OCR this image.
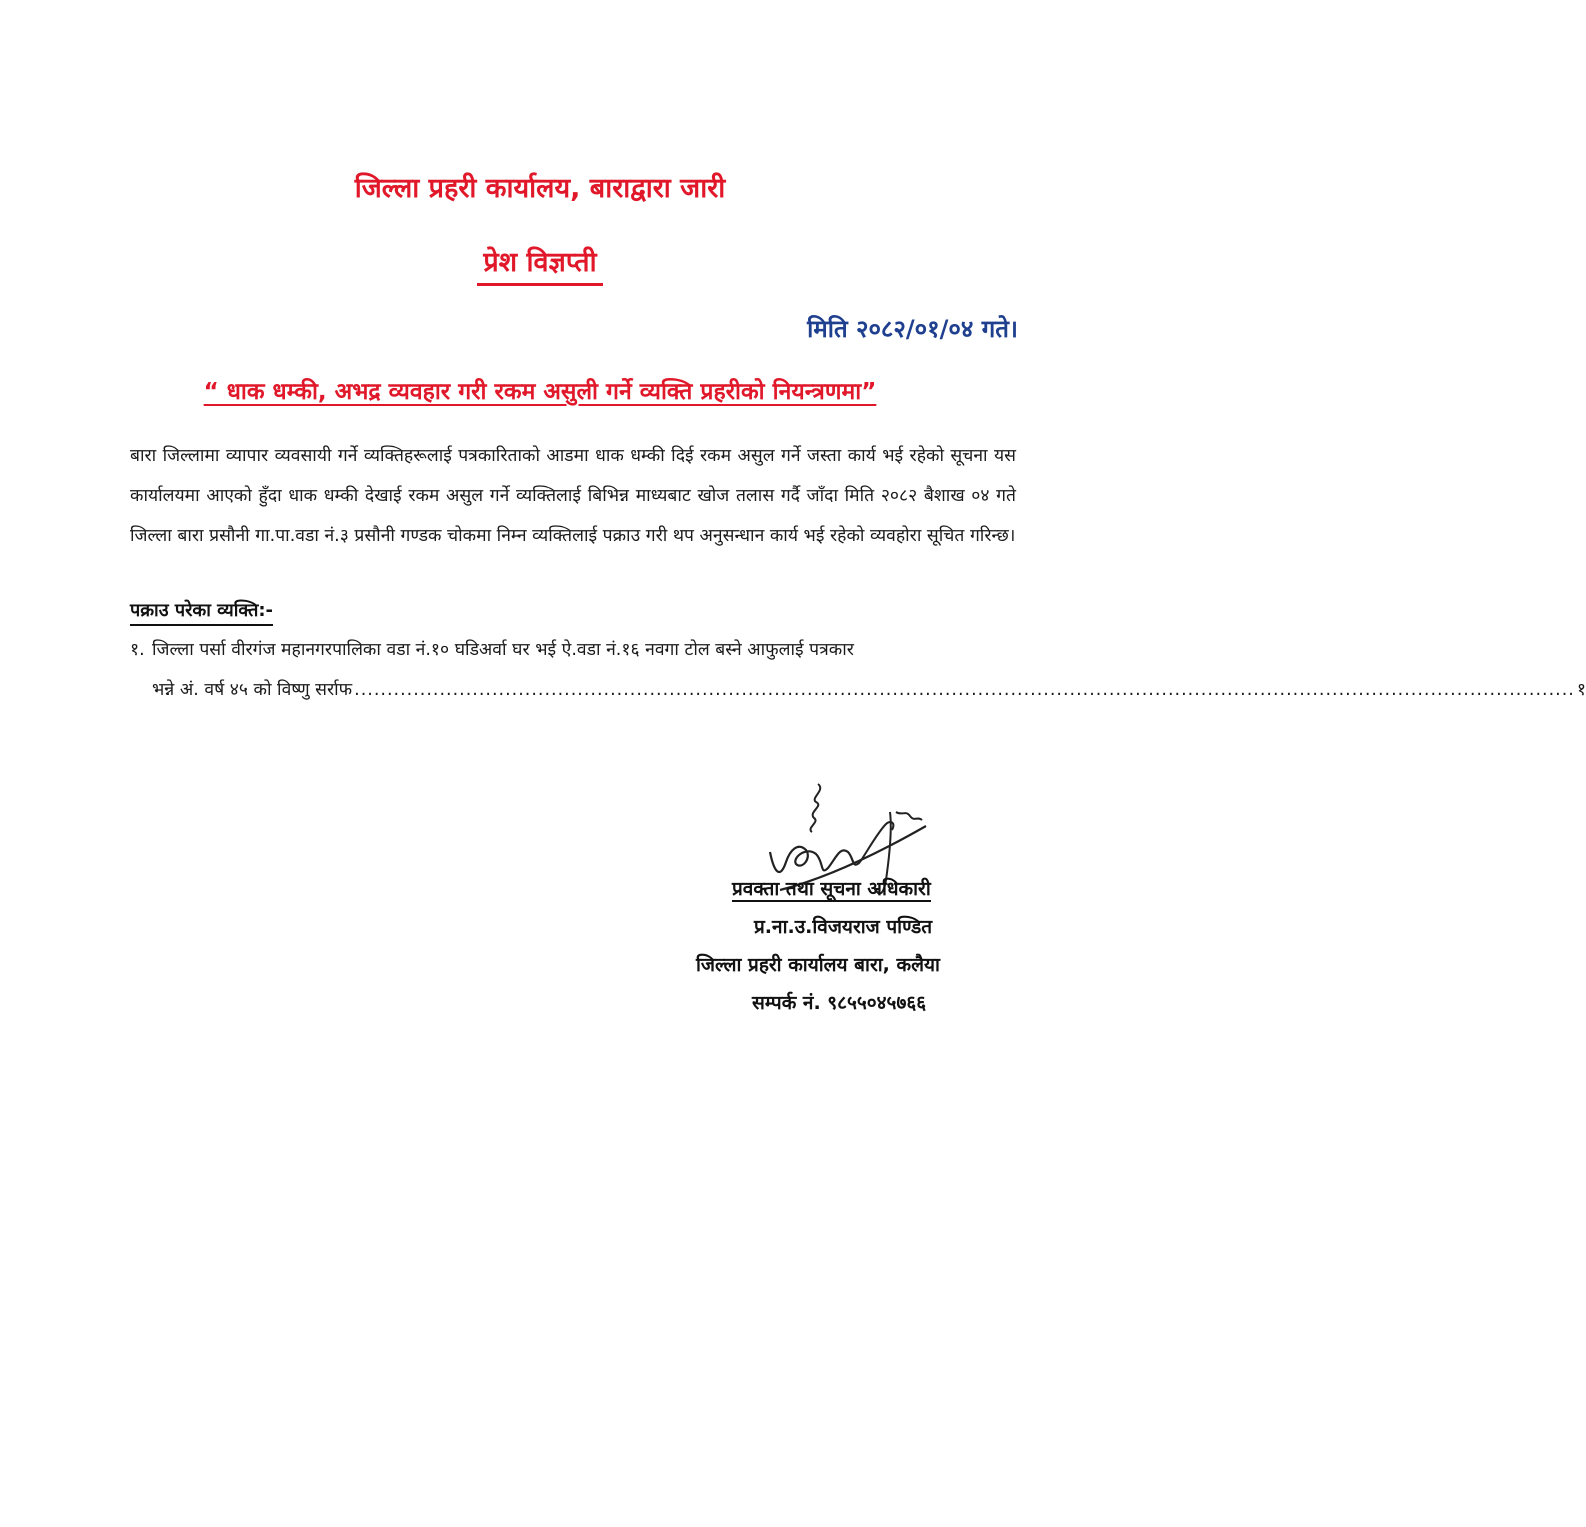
जिल्ला प्रहरी कार्यालय, बाराद्वारा जारी
प्रेश विज्ञप्ती
मिति २०८२/०१/०४ गते।
“ धाक धम्की, अभद्र व्यवहार गरी रकम असुली गर्ने व्यक्ति प्रहरीको नियन्त्रणमा”
बारा जिल्लामा व्यापार व्यवसायी गर्ने व्यक्तिहरूलाई पत्रकारिताको आडमा धाक धम्की दिई रकम असुल गर्ने जस्ता कार्य भई रहेको सूचना यस कार्यालयमा आएको हुँदा धाक धम्की देखाई रकम असुल गर्ने व्यक्तिलाई बिभिन्न माध्यबाट खोज तलास गर्दै जाँदा मिति २०८२ बैशाख ०४ गते जिल्ला बारा प्रसौनी गा.पा.वडा नं.३ प्रसौनी गण्डक चोकमा निम्न व्यक्तिलाई पक्राउ गरी थप अनुसन्धान कार्य भई रहेको व्यवहोरा सूचित गरिन्छ।
पक्राउ परेका व्यक्ति:-
१. जिल्ला पर्सा वीरगंज महानगरपालिका वडा नं.१० घडिअर्वा घर भई ऐ.वडा नं.१६ नवगा टोल बस्ने आफुलाई पत्रकार
भन्ने अं. वर्ष ४५ को विष्णु सर्राफ .......................................................................................................................................................................................... १
प्रवक्ता तथा सूचना अधिकारी
प्र.ना.उ.विजयराज पण्डित
जिल्ला प्रहरी कार्यालय बारा, कलैया
सम्पर्क नं. ९८५५०४५७६६
